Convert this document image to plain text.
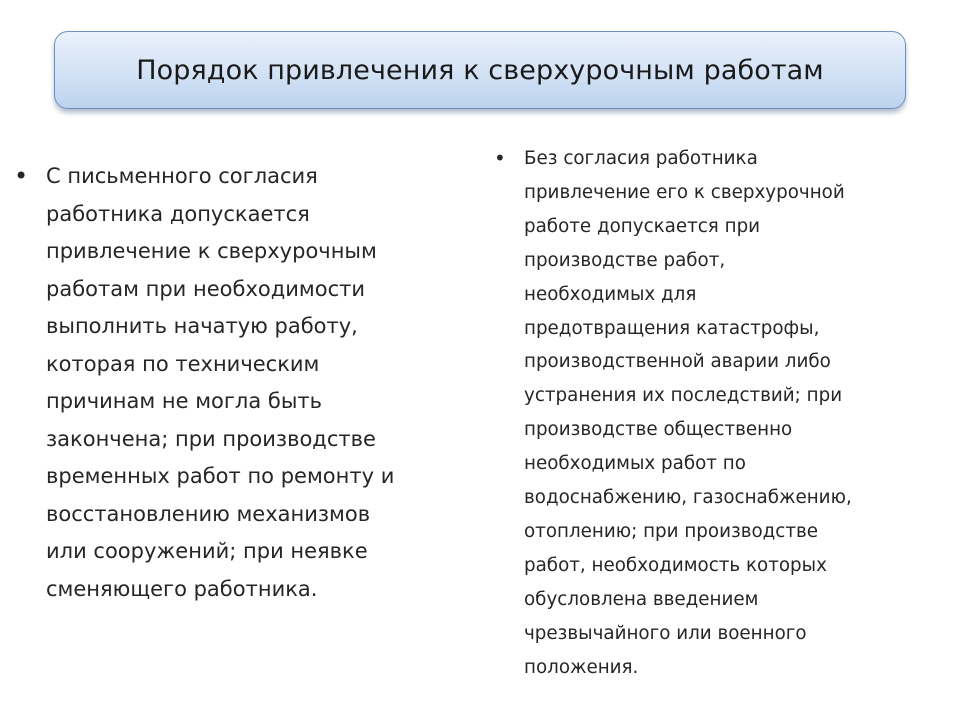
Порядок привлечения к сверхурочным работам
• С письменного согласия
работника допускается
привлечение к сверхурочным
работам при необходимости
выполнить начатую работу,
которая по техническим
причинам не могла быть
закончена; при производстве
временных работ по ремонту и
восстановлению механизмов
или сооружений; при неявке
сменяющего работника.

• Без согласия работника
привлечение его к сверхурочной
работе допускается при
производстве работ,
необходимых для
предотвращения катастрофы,
производственной аварии либо
устранения их последствий; при
производстве общественно
необходимых работ по
водоснабжению, газоснабжению,
отоплению; при производстве
работ, необходимость которых
обусловлена введением
чрезвычайного или военного
положения.
